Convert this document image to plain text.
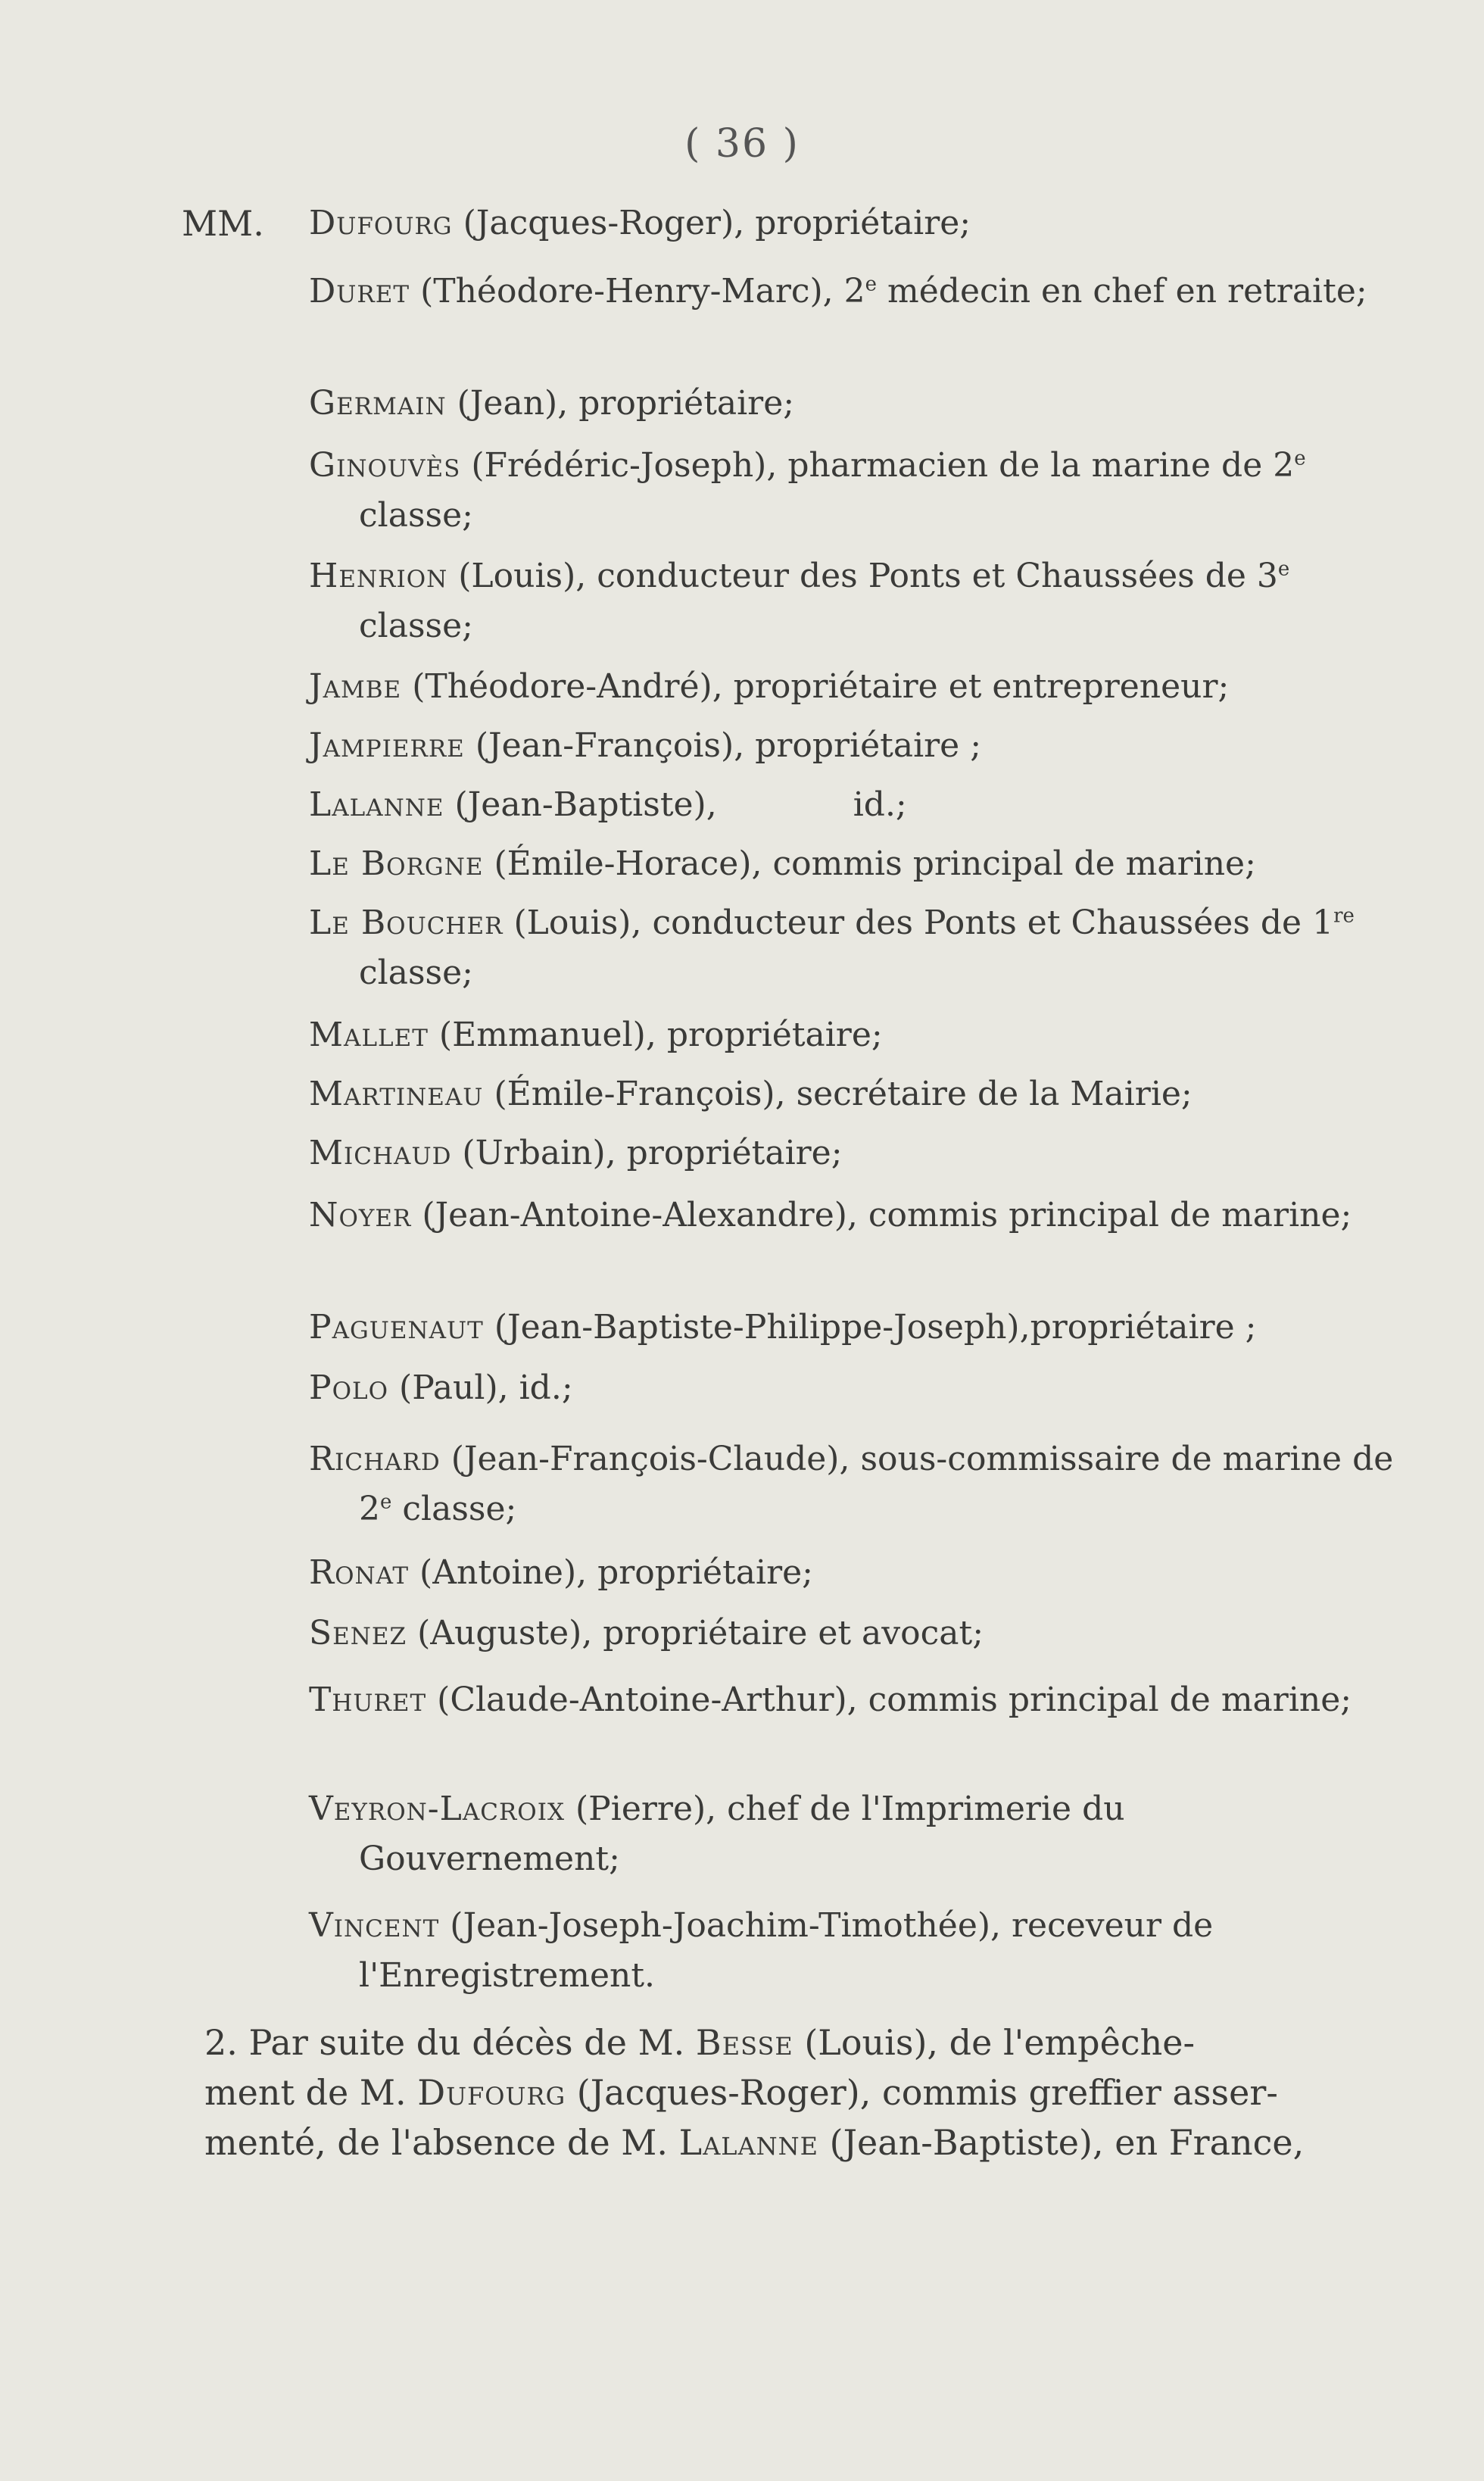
( 36 )
MM. Dufourg (Jacques-Roger), propriétaire;
Duret (Théodore-Henry-Marc), 2e médecin en chef en retraite;
Germain (Jean), propriétaire;
Ginouvès (Frédéric-Joseph), pharmacien de la marine de 2e classe;
Henrion (Louis), conducteur des Ponts et Chaussées de 3e classe;
Jambe (Théodore-André), propriétaire et entrepreneur;
Jampierre (Jean-François), propriétaire ;
Lalanne (Jean-Baptiste),	id.;
Le Borgne (Émile-Horace), commis principal de marine;
Le Boucher (Louis), conducteur des Ponts et Chaussées de 1re classe;
Mallet (Emmanuel), propriétaire;
Martineau (Émile-François), secrétaire de la Mairie;
Michaud (Urbain), propriétaire;
Noyer (Jean-Antoine-Alexandre), commis principal de marine;
Paguenaut (Jean-Baptiste-Philippe-Joseph),propriétaire ;
Polo (Paul), id.;
Richard (Jean-François-Claude), sous-commissaire de marine de 2e classe;
Ronat (Antoine), propriétaire;
Senez (Auguste), propriétaire et avocat;
Thuret (Claude-Antoine-Arthur), commis principal de marine;
Veyron-Lacroix (Pierre), chef de l'Imprimerie du Gouvernement;
Vincent (Jean-Joseph-Joachim-Timothée), receveur de l'Enregistrement.
2. Par suite du décès de M. Besse (Louis), de l'empêche-
ment de M. Dufourg (Jacques-Roger), commis greffier asser-
menté, de l'absence de M. Lalanne (Jean-Baptiste), en France,
